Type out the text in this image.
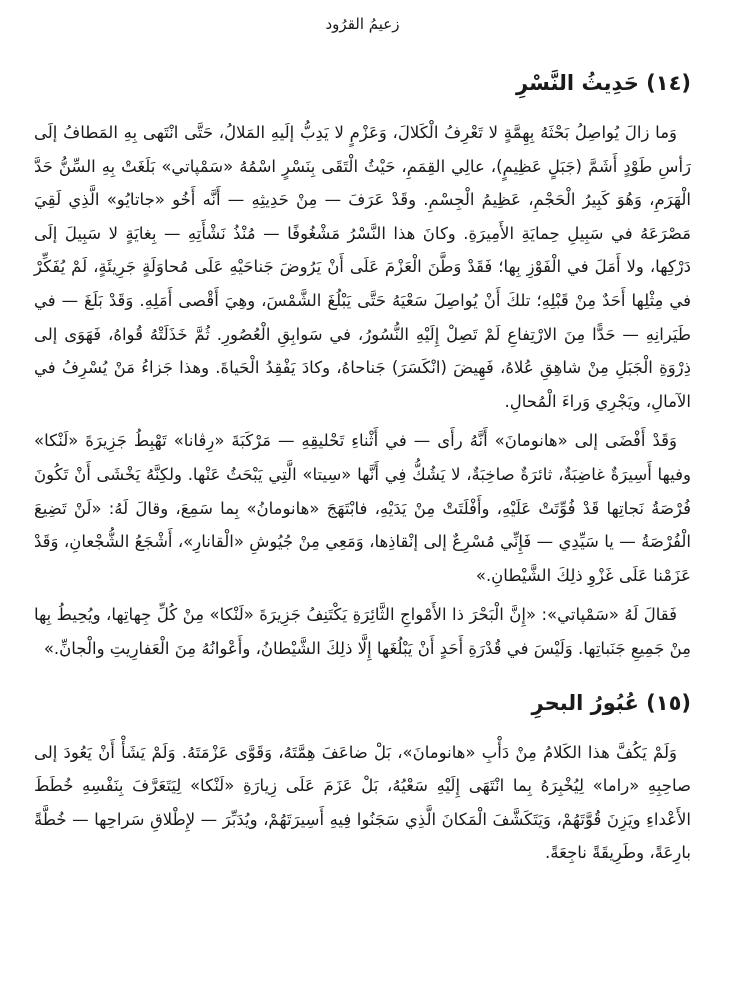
زعيمُ القرُود
(١٤) حَدِيثُ النَّسْرِ

وَما زالَ يُواصِلُ بَحْثَهُ بِهِمَّةٍ لا تَعْرِفُ الْكَلالَ، وَعَزْمٍ لا يَدِبُّ إلَيهِ المَلالُ، حَتَّى انْتَهى بِهِ المَطافُ إلَى رَأسِ طَوْدٍ أَشَمَّ (جَبَلٍ عَظِيمٍ)، عالِي القِمَمِ، حَيْثُ الْتَقَى بِنَسْرٍ اسْمُهُ «سَمْپاتي» بَلَغَتْ بِهِ السِّنُّ حَدَّ الْهَرَمِ، وَهُوَ كَبِيرُ الْحَجْمِ، عَظِيمُ الْجِسْمِ. وقَدْ عَرَفَ — مِنْ حَدِيثِهِ — أَنَّه أَخُو «جاتايُو» الَّذِي لَقِيَ مَصْرَعَهُ في سَبِيلِ حِمايَةِ الأَمِيرَةِ. وكانَ هذا النَّسْرُ مَشْغُوفًا — مُنْذُ نَشْأَتِهِ — بِغايَةٍ لا سَبِيلَ إلَى دَرْكِها، ولا أَمَلَ في الْفَوْزِ بِها؛ فَقَدْ وَطَّنَ الْعَزْمَ عَلَى أَنْ يَرُوضَ جَناحَيْهِ عَلَى مُحاوَلَةٍ جَرِيئَةٍ، لَمْ يُفَكِّرْ في مِثْلِها أَحَدٌ مِنْ قَبْلِهِ؛ تلكَ أَنْ يُواصِلَ سَعْيَهُ حَتَّى يَبْلُغَ الشَّمْسَ، وهِيَ أَقْصى أَمَلِهِ. وَقَدْ بَلَغَ — في طَيَرانِهِ — حَدًّا مِنَ الارْتِفاعِ لَمْ تَصِلْ إِلَيْهِ النُّسُورُ، في سَوابِقِ الْعُصُورِ. ثُمَّ خَذَلَتْهُ قُواهُ، فَهَوَى إلى ذِرْوَةِ الْجَبَلِ مِنْ شاهِقِ عُلاهُ، فَهِيضَ (انْكَسَرَ) جَناحاهُ، وكادَ يَفْقِدُ الْحَياةَ. وهذا جَزاءُ مَنْ يُسْرِفُ في الآمالِ، ويَجْرِي وَراءَ الْمُحالِ.

وَقَدْ أَفْضَى إلى «هانومانَ» أَنَّهُ رأَى — في أَثْناءِ تَحْليقِهِ — مَرْكَبَةَ «رِڤانا» تَهْبِطُ جَزِيرَةَ «لَنْكا» وفيها أَسِيرَةٌ غاضِبَةٌ، ثائرَةٌ صاخِبَةٌ، لا يَشُكُّ فِي أَنَّها «سِيتا» الَّتِي يَبْحَثُ عَنْها. ولكِنَّهُ يَخْشَى أَنْ تَكُونَ فُرْصَةُ نَجاتِها قَدْ فُوِّتَتْ عَلَيْهِ، وأَفْلَتَتْ مِنْ يَدَيْهِ، فابْتَهَجَ «هانومانُ» بِما سَمِعَ، وقالَ لَهُ: «لَنْ تَضِيعَ الْفُرْصَةُ — يا سَيِّدِي — فَإِنِّي مُسْرِعٌ إلى إنْقاذِها، وَمَعِي مِنْ جُيُوشِ «الْقانارِ»، أَشْجَعُ الشُّجْعانِ، وَقَدْ عَزَمْنا عَلَى غَزْوِ ذلِكَ الشَّيْطانِ.»

فَقالَ لَهُ «سَمْپاتي»: «إِنَّ الْبَحْرَ ذا الأَمْواجِ الثَّائِرَةِ يَكْتَنِفُ جَزِيرَةَ «لَنْكا» مِنْ كُلِّ جِهاتِها، ويُحِيطُ بِها مِنْ جَمِيعِ جَنَباتِها. وَلَيْسَ في قُدْرَةِ أَحَدٍ أَنْ يَبْلُغَها إِلَّا ذلِكَ الشَّيْطانُ، وأَعْوانُهُ مِنَ الْعَفارِيتِ والْجانِّ.»

(١٥) عُبُورُ البحرِ

وَلَمْ يَكُفَّ هذا الكَلامُ مِنْ دَأْبِ «هانومانَ»، بَلْ ضاعَفَ هِمَّتَهُ، وَقَوَّى عَزْمَتَهُ. وَلَمْ يَشَأْ أَنْ يَعُودَ إلى صاحِبِهِ «راما» لِيُخْبِرَهُ بِما انْتَهَى إِلَيْهِ سَعْيُهُ، بَلْ عَزَمَ عَلَى زِيارَةِ «لَنْكا» لِيَتَعَرَّفَ بِنَفْسِهِ خُطَطَ الأَعْداءِ ويَزِنَ قُوَّتَهُمْ، وَيَتَكَشَّفَ الْمَكانَ الَّذِي سَجَنُوا فِيهِ أَسِيرَتَهُمْ، ويُدَبِّرَ — لإِطْلاقِ سَراحِها — خُطَّةً بارِعَةً، وطَرِيقَةً ناجِعَةً.
